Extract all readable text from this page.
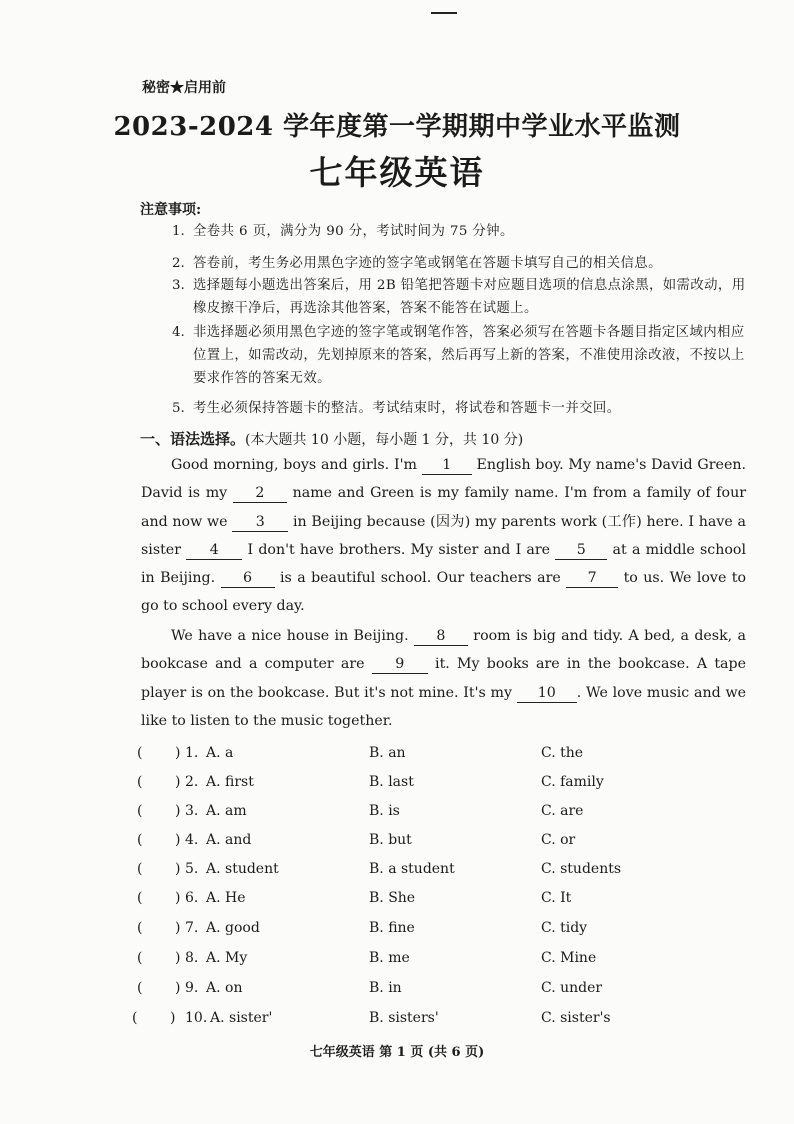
秘密★启用前
2023-2024 学年度第一学期期中学业水平监测
七年级英语
注意事项:
1. 全卷共 6 页，满分为 90 分，考试时间为 75 分钟。
2. 答卷前，考生务必用黑色字迹的签字笔或钢笔在答题卡填写自己的相关信息。
3. 选择题每小题选出答案后，用 2B 铅笔把答题卡对应题目选项的信息点涂黑，如需改动，用橡皮擦干净后，再选涂其他答案，答案不能答在试题上。
4. 非选择题必须用黑色字迹的签字笔或钢笔作答，答案必须写在答题卡各题目指定区域内相应位置上，如需改动，先划掉原来的答案，然后再写上新的答案，不准使用涂改液，不按以上要求作答的答案无效。
5. 考生必须保持答题卡的整洁。考试结束时，将试卷和答题卡一并交回。
一、语法选择。(本大题共 10 小题，每小题 1 分，共 10 分)
Good morning, boys and girls. I'm 1 English boy. My name's David Green. David is my 2 name and Green is my family name. I'm from a family of four and now we 3 in Beijing because (因为) my parents work (工作) here. I have a sister 4 I don't have brothers. My sister and I are 5 at a middle school in Beijing. 6 is a beautiful school. Our teachers are 7 to us. We love to go to school every day.
We have a nice house in Beijing. 8 room is big and tidy. A bed, a desk, a bookcase and a computer are 9 it. My books are in the bookcase. A tape player is on the bookcase. But it's not mine. It's my 10 . We love music and we like to listen to the music together.
( ) 1. A. a	B. an	C. the
( ) 2. A. first	B. last	C. family
( ) 3. A. am	B. is	C. are
( ) 4. A. and	B. but	C. or
( ) 5. A. student	B. a student	C. students
( ) 6. A. He	B. She	C. It
( ) 7. A. good	B. fine	C. tidy
( ) 8. A. My	B. me	C. Mine
( ) 9. A. on	B. in	C. under
( ) 10. A. sister'	B. sisters'	C. sister's
七年级英语 第 1 页 (共 6 页)
